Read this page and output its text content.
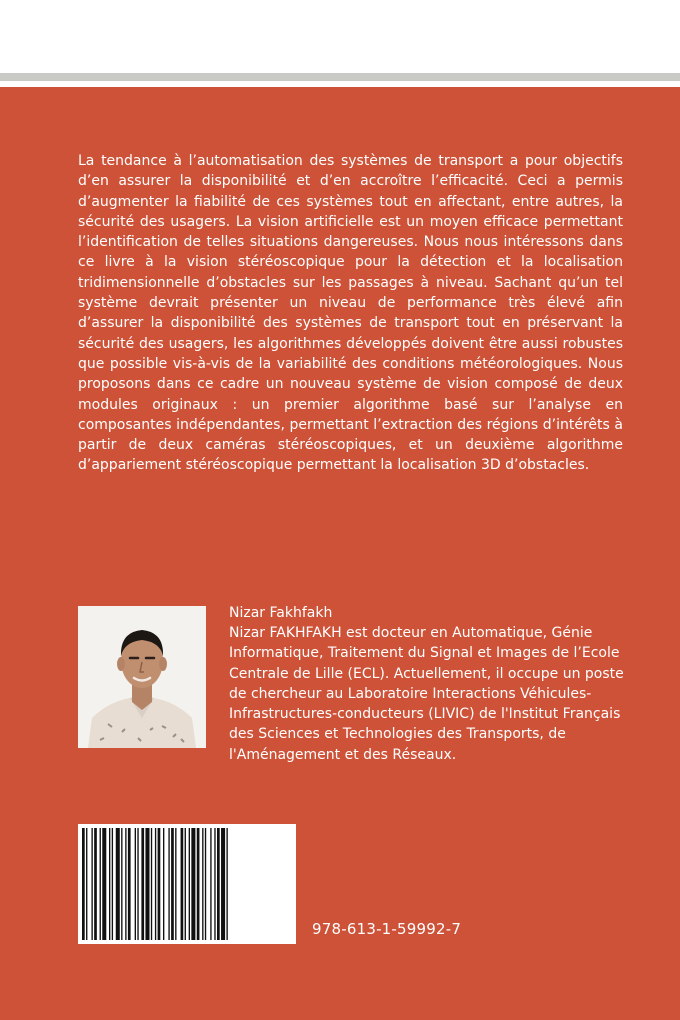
La tendance à l’automatisation des systèmes de transport a pour objectifs d’en assurer la disponibilité et d’en accroître l’efficacité. Ceci a permis d’augmenter la fiabilité de ces systèmes tout en affectant, entre autres, la sécurité des usagers. La vision artificielle est un moyen efficace permettant l’identification de telles situations dangereuses. Nous nous intéressons dans ce livre à la vision stéréoscopique pour la détection et la localisation tridimensionnelle d’obstacles sur les passages à niveau. Sachant qu’un tel système devrait présenter un niveau de performance très élevé afin d’assurer la disponibilité des systèmes de transport tout en préservant la sécurité des usagers, les algorithmes développés doivent être aussi robustes que possible vis-à-vis de la variabilité des conditions météorologiques. Nous proposons dans ce cadre un nouveau système de vision composé de deux modules originaux : un premier algorithme basé sur l’analyse en composantes indépendantes, permettant l’extraction des régions d’intérêts à partir de deux caméras stéréoscopiques, et un deuxième algorithme d’appariement stéréoscopique permettant la localisation 3D d’obstacles.

Nizar Fakhfakh

Nizar FAKHFAKH est docteur en Automatique, Génie Informatique, Traitement du Signal et Images de l’Ecole Centrale de Lille (ECL). Actuellement, il occupe un poste de chercheur au Laboratoire Interactions Véhicules-Infrastructures-conducteurs (LIVIC) de l'Institut Français des Sciences et Technologies des Transports, de l'Aménagement et des Réseaux.

978-613-1-59992-7
